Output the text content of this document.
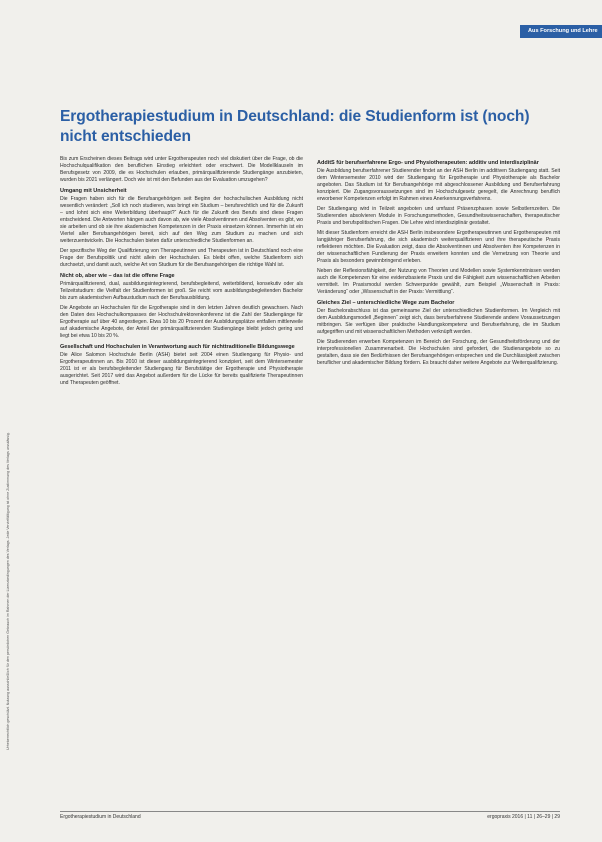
Aus Forschung und Lehre
Urheberrechtlich geschützt. Nutzung ausschließlich für den persönlichen Gebrauch im Rahmen der Lizenzbedingungen des Verlags. Jede Vervielfältigung ist ohne Zustimmung des Verlags unzulässig.
Ergotherapiestudium in Deutschland: die Studienform ist (noch) nicht entschieden

Bis zum Erscheinen dieses Beitrags wird unter Ergotherapeuten noch viel diskutiert über die Frage, ob die Hochschulqualifikation den beruflichen Einstieg erleichtert oder erschwert. Die Modellklauseln im Berufsgesetz von 2009, die es Hochschulen erlauben, primärqualifizierende Studiengänge anzubieten, wurden bis 2021 verlängert. Doch wie ist mit den Befunden aus der Evaluation umzugehen?

Umgang mit Unsicherheit

Die Fragen haben sich für die Berufsangehörigen seit Beginn der hochschulischen Ausbildung nicht wesentlich verändert: „Soll ich noch studieren, was bringt ein Studium – berufsrechtlich und für die Zukunft – und lohnt sich eine Weiterbildung überhaupt?“ Auch für die Zukunft des Berufs sind diese Fragen entscheidend. Die Antworten hängen auch davon ab, wie viele Absolventinnen und Absolventen es gibt, wo sie arbeiten und ob sie ihre akademischen Kompetenzen in der Praxis einsetzen können. Immerhin ist ein Viertel aller Berufsangehörigen bereit, sich auf den Weg zum Studium zu machen und sich weiterzuentwickeln. Die Hochschulen bieten dafür unterschiedliche Studienformen an.

Der spezifische Weg der Qualifizierung von Therapeutinnen und Therapeuten ist in Deutschland noch eine Frage der Berufspolitik und nicht allein der Hochschulen. Es bleibt offen, welche Studienform sich durchsetzt, und damit auch, welche Art von Studium für die Berufsangehörigen die richtige Wahl ist.

Nicht ob, aber wie – das ist die offene Frage

Primärqualifizierend, dual, ausbildungsintegrierend, berufsbegleitend, weiterbildend, konsekutiv oder als Teilzeitstudium: die Vielfalt der Studienformen ist groß. Sie reicht vom ausbildungsbegleitenden Bachelor bis zum akademischen Aufbaustudium nach der Berufsausbildung.

Die Angebote an Hochschulen für die Ergotherapie sind in den letzten Jahren deutlich gewachsen. Nach den Daten des Hochschulkompasses der Hochschulrektorenkonferenz ist die Zahl der Studiengänge für Ergotherapie auf über 40 angestiegen. Etwa 10 bis 20 Prozent der Ausbildungsplätze entfallen mittlerweile auf akademische Angebote, der Anteil der primärqualifizierenden Studiengänge bleibt jedoch gering und liegt bei etwa 10 bis 20 %.

Gesellschaft und Hochschulen in Verantwortung auch für nichttraditionelle Bildungswege

Die Alice Salomon Hochschule Berlin (ASH) bietet seit 2004 einen Studiengang für Physio- und Ergotherapeutinnen an. Bis 2010 ist dieser ausbildungsintegrierend konzipiert, seit dem Wintersemester 2011 ist er als berufsbegleitender Studiengang für Berufstätige der Ergotherapie und Physiotherapie ausgerichtet. Seit 2017 wird das Angebot außerdem für die Lücke für bereits qualifizierte Therapeutinnen und Therapeuten geöffnet.

AdditS für berufserfahrene Ergo- und Physiotherapeuten: additiv und interdisziplinär

Die Ausbildung berufserfahrener Studierender findet an der ASH Berlin im additiven Studiengang statt. Seit dem Wintersemester 2010 wird der Studiengang für Ergotherapie und Physiotherapie als Bachelor angeboten. Das Studium ist für Berufsangehörige mit abgeschlossener Ausbildung und Berufserfahrung konzipiert. Die Zugangsvoraussetzungen sind im Hochschulgesetz geregelt, die Anrechnung beruflich erworbener Kompetenzen erfolgt im Rahmen eines Anerkennungsverfahrens.

Der Studiengang wird in Teilzeit angeboten und umfasst Präsenzphasen sowie Selbstlernzeiten. Die Studierenden absolvieren Module in Forschungsmethoden, Gesundheitswissenschaften, therapeutischer Praxis und berufspolitischen Fragen. Die Lehre wird interdisziplinär gestaltet.

Mit dieser Studienform erreicht die ASH Berlin insbesondere Ergotherapeutinnen und Ergotherapeuten mit langjähriger Berufserfahrung, die sich akademisch weiterqualifizieren und ihre therapeutische Praxis reflektieren möchten. Die Evaluation zeigt, dass die Absolventinnen und Absolventen ihre Kompetenzen in der wissenschaftlichen Fundierung der Praxis erweitern konnten und die Vernetzung von Theorie und Praxis als besonders gewinnbringend erleben.

Neben der Reflexionsfähigkeit, der Nutzung von Theorien und Modellen sowie Systemkenntnissen werden auch die Kompetenzen für eine evidenzbasierte Praxis und die Fähigkeit zum wissenschaftlichen Arbeiten vermittelt. Im Praxismodul werden Schwerpunkte gewählt, zum Beispiel „Wissenschaft in Praxis: Veränderung“ oder „Wissenschaft in der Praxis: Vermittlung“.

Gleiches Ziel – unterschiedliche Wege zum Bachelor

Der Bachelorabschluss ist das gemeinsame Ziel der unterschiedlichen Studienformen. Im Vergleich mit dem Ausbildungsmodell „Beginnen“ zeigt sich, dass berufserfahrene Studierende andere Voraussetzungen mitbringen. Sie verfügen über praktische Handlungskompetenz und Berufserfahrung, die im Studium aufgegriffen und mit wissenschaftlichen Methoden verknüpft werden.

Die Studierenden erwerben Kompetenzen im Bereich der Forschung, der Gesundheitsförderung und der interprofessionellen Zusammenarbeit. Die Hochschulen sind gefordert, die Studienangebote so zu gestalten, dass sie den Bedürfnissen der Berufsangehörigen entsprechen und die Durchlässigkeit zwischen beruflicher und akademischer Bildung fördern. Es braucht daher weitere Angebote zur Weiterqualifizierung.

Ergotherapiestudium in Deutschland	ergopraxis 2016 | 11 | 26–29 | 29
